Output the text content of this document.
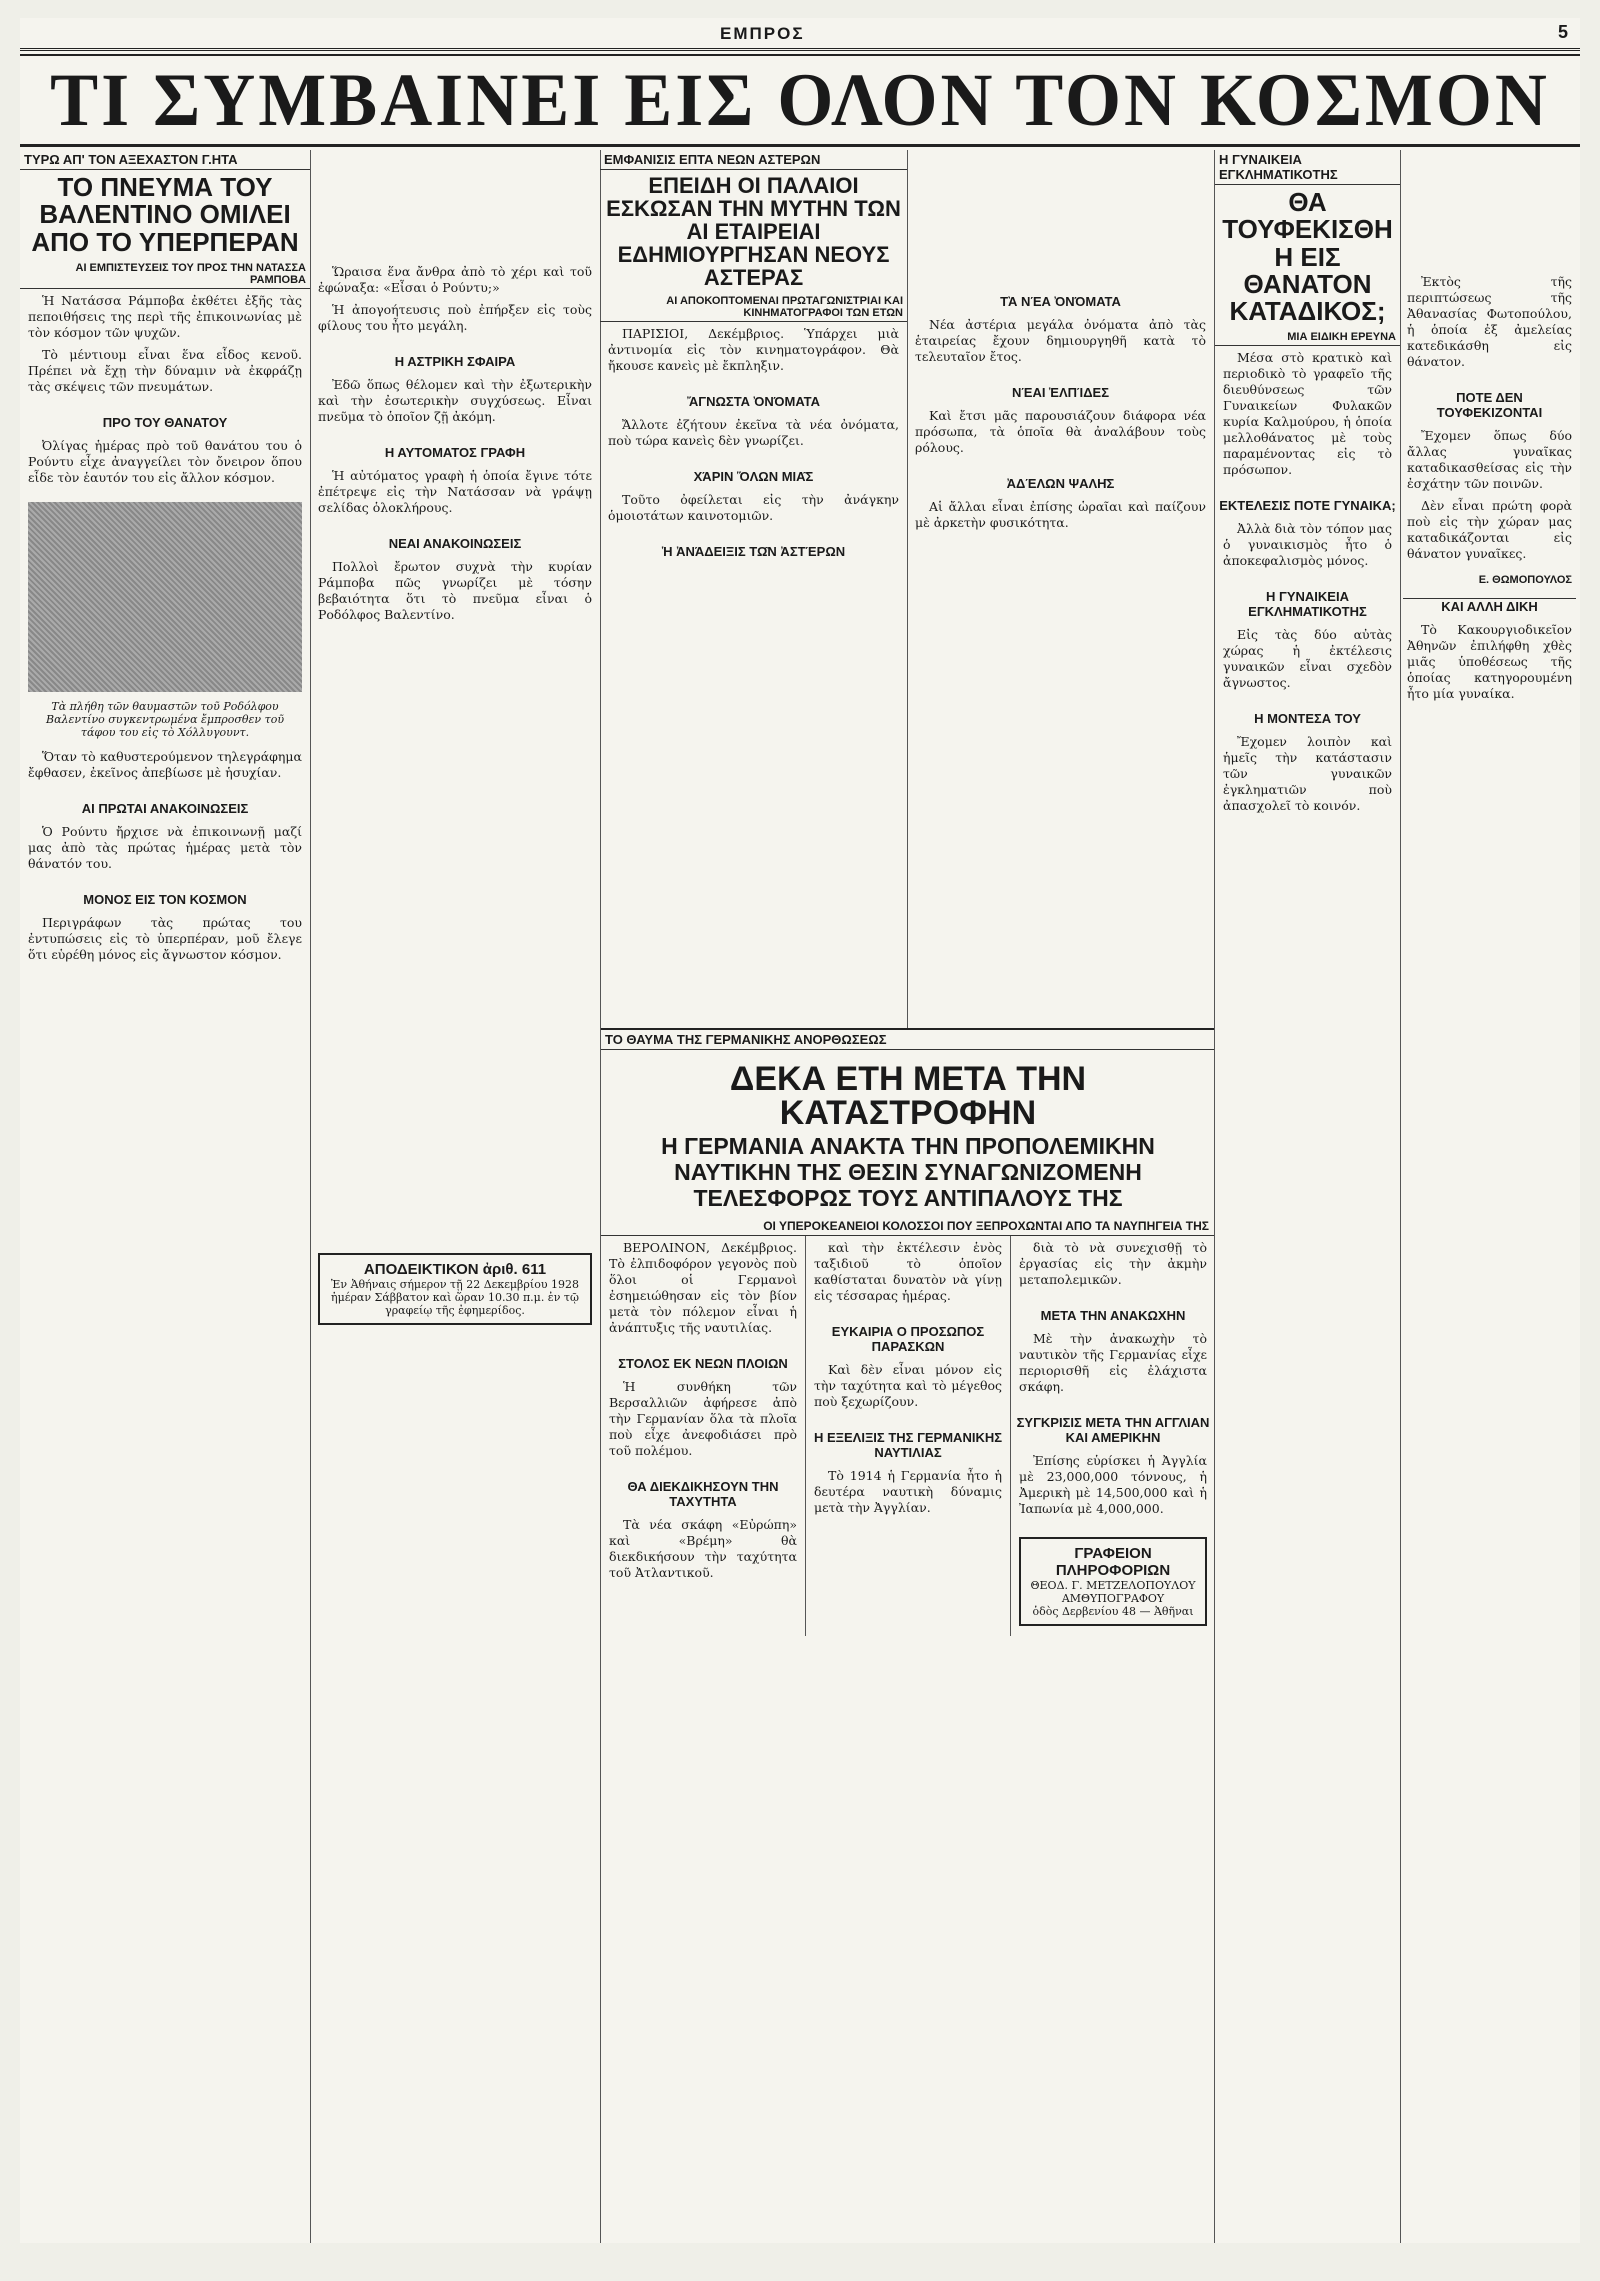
ΕΜΠΡΟΣ	5
ΤΙ ΣΥΜΒΑΙΝΕΙ ΕΙΣ ΟΛΟΝ ΤΟΝ ΚΟΣΜΟΝ
ΤΥΡΩ ΑΠ' ΤΟΝ ΑΞΕΧΑΣΤΟΝ Γ.ΗΤΑ
ΤΟ ΠΝΕΥΜΑ ΤΟΥ ΒΑΛΕΝΤΙΝΟ ΟΜΙΛΕΙ ΑΠΟ ΤΟ ΥΠΕΡΠΕΡΑΝ
ΑΙ ΕΜΠΙΣΤΕΥΣΕΙΣ ΤΟΥ ΠΡΟΣ ΤΗΝ ΝΑΤΑΣΣΑ ΡΑΜΠΟΒΑ

Ἡ Νατάσσα Ράμποβα ἐκθέτει ἐξῆς τὰς πεποιθήσεις της περὶ τῆς ἐπικοινωνίας μὲ τὸν κόσμον τῶν ψυχῶν.

Τὸ μέντιουμ εἶναι ἕνα εἶδος κενοῦ. Πρέπει νὰ ἔχῃ τὴν δύναμιν νὰ ἐκφράζῃ τὰς σκέψεις τῶν πνευμάτων.

ΠΡΟ ΤΟΥ ΘΑΝΑΤΟΥ

Ὀλίγας ἡμέρας πρὸ τοῦ θανάτου του ὁ Ρούντυ εἶχε ἀναγγείλει τὸν ὄνειρον ὅπου εἶδε τὸν ἑαυτόν του εἰς ἄλλον κόσμον.

Τὰ πλήθη τῶν θαυμαστῶν τοῦ Ροδόλφου Βαλεντίνο συγκεντρωμένα ἔμπροσθεν τοῦ τάφου του εἰς τὸ Χόλλυγουντ.

Ὅταν τὸ καθυστερούμενον τηλεγράφημα ἔφθασεν, ἐκεῖνος ἀπεβίωσε μὲ ἡσυχίαν.

ΑΙ ΠΡΩΤΑΙ ΑΝΑΚΟΙΝΩΣΕΙΣ

Ὁ Ρούντυ ἤρχισε νὰ ἐπικοινωνῇ μαζί μας ἀπὸ τὰς πρώτας ἡμέρας μετὰ τὸν θάνατόν του.

ΜΟΝΟΣ ΕΙΣ ΤΟΝ ΚΟΣΜΟΝ

Περιγράφων τὰς πρώτας του ἐντυπώσεις εἰς τὸ ὑπερπέραν, μοῦ ἔλεγε ὅτι εὑρέθη μόνος εἰς ἄγνωστον κόσμον.

Ὥραισα ἕνα ἄνθρα ἀπὸ τὸ χέρι καὶ τοῦ ἐφώναξα: «Εἶσαι ὁ Ρούντυ;»

Ἡ ἀπογοήτευσις ποὺ ἐπήρξεν εἰς τοὺς φίλους του ἦτο μεγάλη.

Η ΑΣΤΡΙΚΗ ΣΦΑΙΡΑ

Ἐδῶ ὅπως θέλομεν καὶ τὴν ἐξωτερικὴν καὶ τὴν ἐσωτερικὴν συγχύσεως. Εἶναι πνεῦμα τὸ ὁποῖον ζῇ ἀκόμη.

Η ΑΥΤΟΜΑΤΟΣ ΓΡΑΦΗ

Ἡ αὐτόματος γραφὴ ἡ ὁποία ἔγινε τότε ἐπέτρεψε εἰς τὴν Νατάσσαν νὰ γράψῃ σελίδας ὁλοκλήρους.

ΝΕΑΙ ΑΝΑΚΟΙΝΩΣΕΙΣ

Πολλοὶ ἔρωτον συχνὰ τὴν κυρίαν Ράμποβα πῶς γνωρίζει μὲ τόσην βεβαιότητα ὅτι τὸ πνεῦμα εἶναι ὁ Ροδόλφος Βαλεντίνο.

ΑΠΟΔΕΙΚΤΙΚΟΝ ἀριθ. 611
Ἐν Ἀθήναις σήμερον τῇ 22 Δεκεμβρίου 1928 ἡμέραν Σάββατον καὶ ὥραν 10.30 π.μ. ἐν τῷ γραφείῳ τῆς ἐφημερίδος.
ΕΜΦΑΝΙΣΙΣ ΕΠΤΑ ΝΕΩΝ ΑΣΤΕΡΩΝ
ΕΠΕΙΔΗ ΟΙ ΠΑΛΑΙΟΙ ΕΣΚΩΣΑΝ ΤΗΝ ΜΥΤΗΝ ΤΩΝ ΑΙ ΕΤΑΙΡΕΙΑΙ ΕΔΗΜΙΟΥΡΓΗΣΑΝ ΝΕΟΥΣ ΑΣΤΕΡΑΣ
ΑΙ ΑΠΟΚΟΠΤΟΜΕΝΑΙ ΠΡΩΤΑΓΩΝΙΣΤΡΙΑΙ ΚΑΙ ΚΙΝΗΜΑΤΟΓΡΑΦΟΙ ΤΩΝ ΕΤΩΝ

ΠΑΡΙΣΙΟΙ, Δεκέμβριος. Ὑπάρχει μιὰ ἀντινομία εἰς τὸν κινηματογράφον. Θὰ ἤκουσε κανεὶς μὲ ἔκπληξιν.

ἌΓΝΩΣΤΑ ὈΝΌΜΑΤΑ

Ἄλλοτε ἐζήτουν ἐκεῖνα τὰ νέα ὀνόματα, ποὺ τώρα κανεὶς δὲν γνωρίζει.

ΧΆΡΙΝ ὍΛΩΝ ΜΙΑ͂Σ

Τοῦτο ὀφείλεται εἰς τὴν ἀνάγκην ὁμοιοτάτων καινοτομιῶν.

Ἡ ἈΝΆΔΕΙΞΙΣ ΤΩ͂Ν ἈΣΤΈΡΩΝ

ΤᾺ ΝΈΑ ὈΝΌΜΑΤΑ

Νέα ἀστέρια μεγάλα ὀνόματα ἀπὸ τὰς ἑταιρείας ἔχουν δημιουργηθῆ κατὰ τὸ τελευταῖον ἔτος.

ΝΈΑΙ ἘΛΠΊΔΕΣ

Καὶ ἔτσι μᾶς παρουσιάζουν διάφορα νέα πρόσωπα, τὰ ὁποῖα θὰ ἀναλάβουν τοὺς ρόλους.

ἈΔΈΛΩΝ ΨΑΛΗ͂Σ

Αἱ ἄλλαι εἶναι ἐπίσης ὡραῖαι καὶ παίζουν μὲ ἀρκετὴν φυσικότητα.

ΤΟ ΘΑΥΜΑ ΤΗΣ ΓΕΡΜΑΝΙΚΗΣ ΑΝΟΡΘΩΣΕΩΣ
ΔΕΚΑ ΕΤΗ ΜΕΤΑ ΤΗΝ ΚΑΤΑΣΤΡΟΦΗΝ
Η ΓΕΡΜΑΝΙΑ ΑΝΑΚΤΑ ΤΗΝ ΠΡΟΠΟΛΕΜΙΚΗΝ ΝΑΥΤΙΚΗΝ ΤΗΣ ΘΕΣΙΝ ΣΥΝΑΓΩΝΙΖΟΜΕΝΗ ΤΕΛΕΣΦΟΡΩΣ ΤΟΥΣ ΑΝΤΙΠΑΛΟΥΣ ΤΗΣ
ΟΙ ΥΠΕΡΟΚΕΑΝΕΙΟΙ ΚΟΛΟΣΣΟΙ ΠΟΥ ΞΕΠΡΟΧΩΝΤΑΙ ΑΠΟ ΤΑ ΝΑΥΠΗΓΕΙΑ ΤΗΣ

ΒΕΡΟΛΙΝΟΝ, Δεκέμβριος. Τὸ ἐλπιδοφόρον γεγονὸς ποὺ ὅλοι οἱ Γερμανοὶ ἐσημειώθησαν εἰς τὸν βίον μετὰ τὸν πόλεμον εἶναι ἡ ἀνάπτυξις τῆς ναυτιλίας.

ΣΤΟΛΟΣ ΕΚ ΝΕΩΝ ΠΛΟΙΩΝ

Ἡ συνθήκη τῶν Βερσαλλιῶν ἀφήρεσε ἀπὸ τὴν Γερμανίαν ὅλα τὰ πλοῖα ποὺ εἶχε ἀνεφοδιάσει πρὸ τοῦ πολέμου.

ΘΑ ΔΙΕΚΔΙΚΗΣΟΥΝ ΤΗΝ ΤΑΧΥΤΗΤΑ

Τὰ νέα σκάφη «Εὐρώπη» καὶ «Βρέμη» θὰ διεκδικήσουν τὴν ταχύτητα τοῦ Ἀτλαντικοῦ.

καὶ τὴν ἐκτέλεσιν ἑνὸς ταξιδιοῦ τὸ ὁποῖον καθίσταται δυνατὸν νὰ γίνῃ εἰς τέσσαρας ἡμέρας.

ΕΥΚΑΙΡΙΑ Ο ΠΡΟΣΩΠΟΣ ΠΑΡΑΣΚΩΝ

Καὶ δὲν εἶναι μόνον εἰς τὴν ταχύτητα καὶ τὸ μέγεθος ποὺ ξεχωρίζουν.

Η ΕΞΕΛΙΞΙΣ ΤΗΣ ΓΕΡΜΑΝΙΚΗΣ ΝΑΥΤΙΛΙΑΣ

Τὸ 1914 ἡ Γερμανία ἦτο ἡ δευτέρα ναυτικὴ δύναμις μετὰ τὴν Ἀγγλίαν.

διὰ τὸ νὰ συνεχισθῇ τὸ ἐργασίας εἰς τὴν ἀκμὴν μεταπολεμικῶν.

ΜΕΤΑ ΤΗΝ ΑΝΑΚΩΧΗΝ

Μὲ τὴν ἀνακωχὴν τὸ ναυτικὸν τῆς Γερμανίας εἶχε περιορισθῆ εἰς ἐλάχιστα σκάφη.

ΣΥΓΚΡΙΣΙΣ ΜΕΤΑ ΤΗΝ ΑΓΓΛΙΑΝ ΚΑΙ ΑΜΕΡΙΚΗΝ

Ἐπίσης εὑρίσκει ἡ Ἀγγλία μὲ 23,000,000 τόννους, ἡ Ἀμερικὴ μὲ 14,500,000 καὶ ἡ Ἰαπωνία μὲ 4,000,000.

ΓΡΑΦΕΙΟΝ ΠΛΗΡΟΦΟΡΙΩΝ
ΘΕΟΔ. Γ. ΜΕΤΖΕΛΟΠΟΥΛΟΥ ΑΜΘΥΠΟΓΡΑΦΟΥ
ὁδὸς Δερβενίου 48 — Ἀθῆναι
Η ΓΥΝΑΙΚΕΙΑ ΕΓΚΛΗΜΑΤΙΚΟΤΗΣ
ΘΑ ΤΟΥΦΕΚΙΣΘΗ Η ΕΙΣ ΘΑΝΑΤΟΝ ΚΑΤΑΔΙΚΟΣ;
ΜΙΑ ΕΙΔΙΚΗ ΕΡΕΥΝΑ

Μέσα στὸ κρατικὸ καὶ περιοδικὸ τὸ γραφεῖο τῆς διευθύνσεως τῶν Γυναικείων Φυλακῶν κυρία Καλμούρου, ἡ ὁποία μελλοθάνατος μὲ τοὺς παραμένοντας εἰς τὸ πρόσωπον.

ΕΚΤΕΛΕΣΙΣ ΠΟΤΕ ΓΥΝΑΙΚΑ;

Ἀλλὰ διὰ τὸν τόπον μας ὁ γυναικισμὸς ἦτο ὁ ἀποκεφαλισμὸς μόνος.

Η ΓΥΝΑΙΚΕΙΑ ΕΓΚΛΗΜΑΤΙΚΟΤΗΣ

Εἰς τὰς δύο αὐτὰς χώρας ἡ ἐκτέλεσις γυναικῶν εἶναι σχεδὸν ἄγνωστος.

Η ΜΟΝΤΕΣΑ ΤΟΥ

Ἔχομεν λοιπὸν καὶ ἡμεῖς τὴν κατάστασιν τῶν γυναικῶν ἐγκληματιῶν ποὺ ἀπασχολεῖ τὸ κοινόν.

Ἐκτὸς τῆς περιπτώσεως τῆς Ἀθανασίας Φωτοπούλου, ἡ ὁποία ἐξ ἀμελείας κατεδικάσθη εἰς θάνατον.

ΠΟΤΕ ΔΕΝ ΤΟΥΦΕΚΙΖΟΝΤΑΙ

Ἔχομεν ὅπως δύο ἄλλας γυναῖκας καταδικασθείσας εἰς τὴν ἐσχάτην τῶν ποινῶν.

Δὲν εἶναι πρώτη φορὰ ποὺ εἰς τὴν χώραν μας καταδικάζονται εἰς θάνατον γυναῖκες.

Ε. ΘΩΜΟΠΟΥΛΟΣ
ΚΑΙ ΑΛΛΗ ΔΙΚΗ

Τὸ Κακουργιοδικεῖον Ἀθηνῶν ἐπιλήφθη χθὲς μιᾶς ὑποθέσεως τῆς ὁποίας κατηγορουμένη ἦτο μία γυναίκα.
